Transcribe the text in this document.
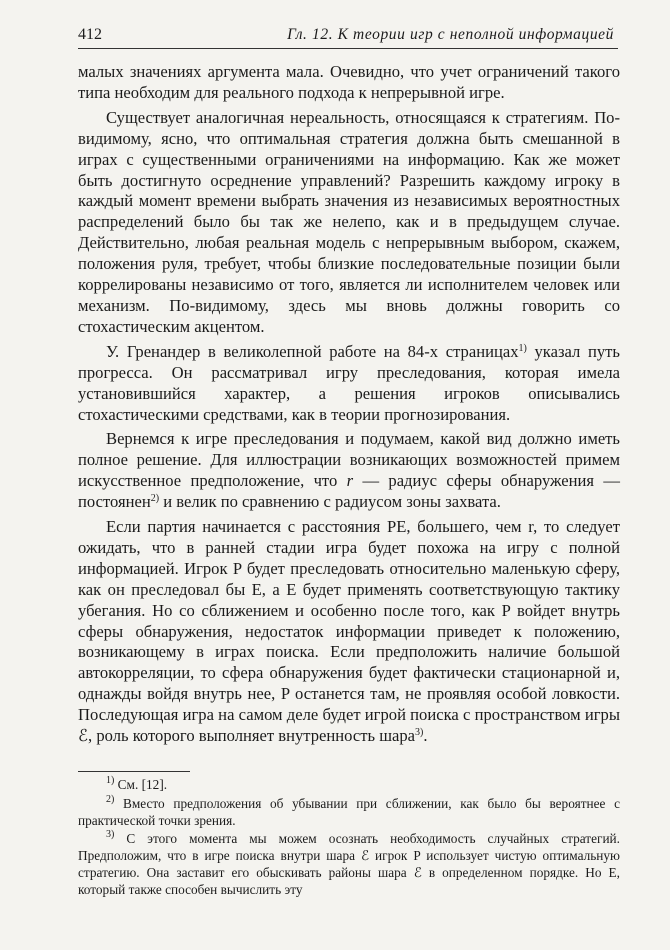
412	Гл. 12. К теории игр с неполной информацией

малых значениях аргумента мала. Очевидно, что учет ограничений такого типа необходим для реального подхода к непрерывной игре.

Существует аналогичная нереальность, относящаяся к стратегиям. По-видимому, ясно, что оптимальная стратегия должна быть смешанной в играх с существенными ограничениями на информацию. Как же может быть достигнуто осреднение управлений? Разрешить каждому игроку в каждый момент времени выбрать значения из независимых вероятностных распределений было бы так же нелепо, как и в предыдущем случае. Действительно, любая реальная модель с непрерывным выбором, скажем, положения руля, требует, чтобы близкие последовательные позиции были коррелированы независимо от того, является ли исполнителем человек или механизм. По-видимому, здесь мы вновь должны говорить со стохастическим акцентом.

У. Гренандер в великолепной работе на 84-х страницах$^{1)}$ указал путь прогресса. Он рассматривал игру преследования, которая имела установившийся характер, а решения игроков описывались стохастическими средствами, как в теории прогнозирования.

Вернемся к игре преследования и подумаем, какой вид должно иметь полное решение. Для иллюстрации возникающих возможностей примем искусственное предположение, что r — радиус сферы обнаружения — постоянен$^{2)}$ и велик по сравнению с радиусом зоны захвата.

Если партия начинается с расстояния PE, большего, чем r, то следует ожидать, что в ранней стадии игра будет похожа на игру с полной информацией. Игрок P будет преследовать относительно маленькую сферу, как он преследовал бы E, а E будет применять соответствующую тактику убегания. Но со сближением и особенно после того, как P войдет внутрь сферы обнаружения, недостаток информации приведет к положению, возникающему в играх поиска. Если предположить наличие большой автокорреляции, то сфера обнаружения будет фактически стационарной и, однажды войдя внутрь нее, P останется там, не проявляя особой ловкости. Последующая игра на самом деле будет игрой поиска с пространством игры ℰ, роль которого выполняет внутренность шара$^{3)}$.

$^{1)}$ См. [12].

$^{2)}$ Вместо предположения об убывании при сближении, как было бы вероятнее с практической точки зрения.

$^{3)}$ С этого момента мы можем осознать необходимость случайных стратегий. Предположим, что в игре поиска внутри шара ℰ игрок P использует чистую оптимальную стратегию. Она заставит его обыскивать районы шара ℰ в определенном порядке. Но E, который также способен вычислить эту
